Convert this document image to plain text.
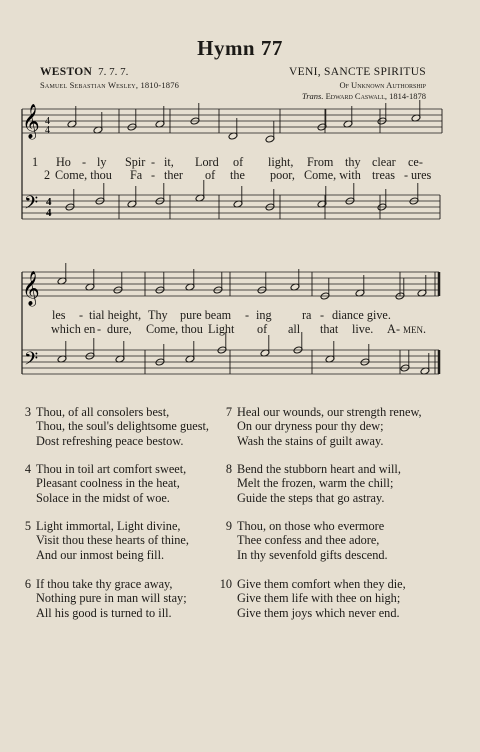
Hymn 77
WESTON 7. 7. 7.
Samuel Sebastian Wesley, 1810-1876
VENI, SANCTE SPIRITUS
Of Unknown Authorship
Trans. Edward Caswall, 1814-1878
𝄞
𝄢
𝄞
𝄢
4
4
4
4
1 Ho - ly Spir - it, Lord of light, From thy clear ce-
2 Come, thou Fa - ther of the poor, Come, with treas - ures
les - tial height, Thy pure beam - ing ra - diance give.
which en - dure, Come, thou Light of all that live. A - men.
3 Thou, of all consolers best,
Thou, the soul's delightsome guest,
Dost refreshing peace bestow.
4 Thou in toil art comfort sweet,
Pleasant coolness in the heat,
Solace in the midst of woe.
5 Light immortal, Light divine,
Visit thou these hearts of thine,
And our inmost being fill.
6 If thou take thy grace away,
Nothing pure in man will stay;
All his good is turned to ill.
7 Heal our wounds, our strength renew,
On our dryness pour thy dew;
Wash the stains of guilt away.
8 Bend the stubborn heart and will,
Melt the frozen, warm the chill;
Guide the steps that go astray.
9 Thou, on those who evermore
Thee confess and thee adore,
In thy sevenfold gifts descend.
10 Give them comfort when they die,
Give them life with thee on high;
Give them joys which never end.
